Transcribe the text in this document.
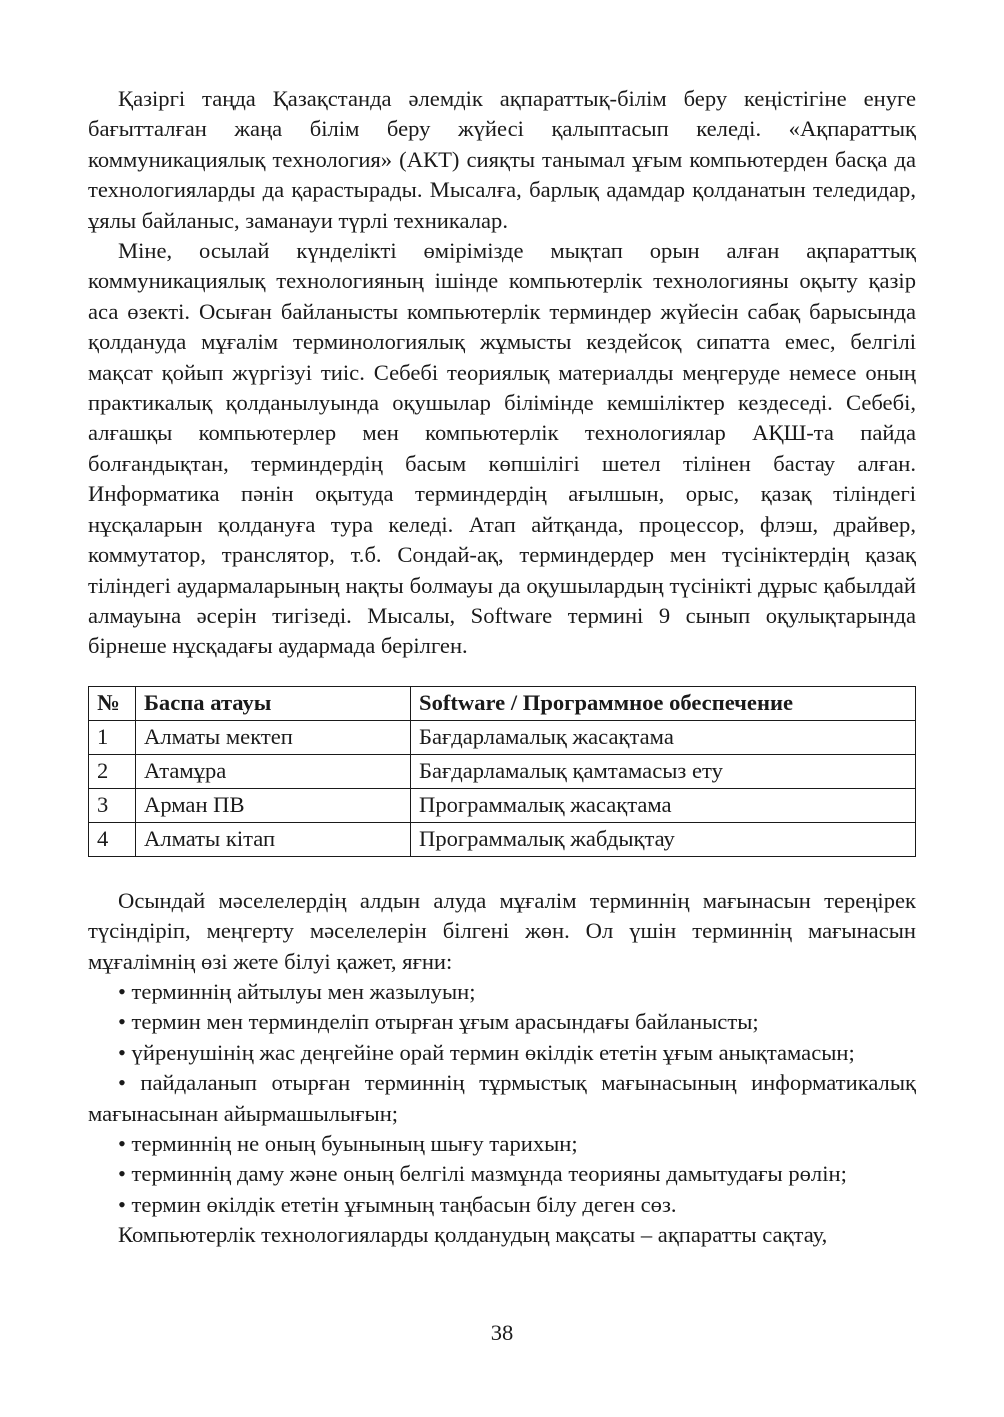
Қазіргі таңда Қазақстанда әлемдік ақпараттық-білім беру кеңістігіне енуге бағытталған жаңа білім беру жүйесі қалыптасып келеді. «Ақпараттық коммуникациялық технология» (АКТ) сияқты танымал ұғым компьютерден басқа да технологияларды да қарастырады. Мысалға, барлық адамдар қолданатын теледидар, ұялы байланыс, заманауи түрлі техникалар.

Міне, осылай күнделікті өмірімізде мықтап орын алған ақпараттық коммуникациялық технологияның ішінде компьютерлік технологияны оқыту қазір аса өзекті. Осыған байланысты компьютерлік терминдер жүйесін сабақ барысында қолдануда мұғалім терминологиялық жұмысты кездейсоқ сипатта емес, белгілі мақсат қойып жүргізуі тиіс. Себебі теориялық материалды меңгеруде немесе оның практикалық қолданылуында оқушылар білімінде кемшіліктер кездеседі. Себебі, алғашқы компьютерлер мен компьютерлік технологиялар АҚШ-та пайда болғандықтан, терминдердің басым көпшілігі шетел тілінен бастау алған. Информатика пәнін оқытуда терминдердің ағылшын, орыс, қазақ тіліндегі нұсқаларын қолдануға тура келеді. Атап айтқанда, процессор, флэш, драйвер, коммутатор, транслятор, т.б. Сондай-ақ, терминдердер мен түсініктердің қазақ тіліндегі аудармаларының нақты болмауы да оқушылардың түсінікті дұрыс қабылдай алмауына әсерін тигізеді. Мысалы, Software термині 9 сынып оқулықтарында бірнеше нұсқадағы аудармада берілген.

№	Баспа атауы	Software / Программное обеспечение
1	Алматы мектеп	Бағдарламалық жасақтама
2	Атамұра	Бағдарламалық қамтамасыз ету
3	Арман ПВ	Программалық жасақтама
4	Алматы кітап	Программалық жабдықтау

Осындай мәселелердің алдын алуда мұғалім терминнің мағынасын тереңірек түсіндіріп, меңгерту мәселелерін білгені жөн. Ол үшін терминнің мағынасын мұғалімнің өзі жете білуі қажет, яғни:

• терминнің айтылуы мен жазылуын;

• термин мен терминделіп отырған ұғым арасындағы байланысты;

• үйренушінің жас деңгейіне орай термин өкілдік ететін ұғым анықтамасын;

• пайдаланып отырған терминнің тұрмыстық мағынасының информатикалық мағынасынан айырмашылығын;

• терминнің не оның буынының шығу тарихын;

• терминнің даму және оның белгілі мазмұнда теорияны дамытудағы рөлін;

• термин өкілдік ететін ұғымның таңбасын білу деген сөз.

Компьютерлік технологияларды қолданудың мақсаты – ақпаратты сақтау,

38
